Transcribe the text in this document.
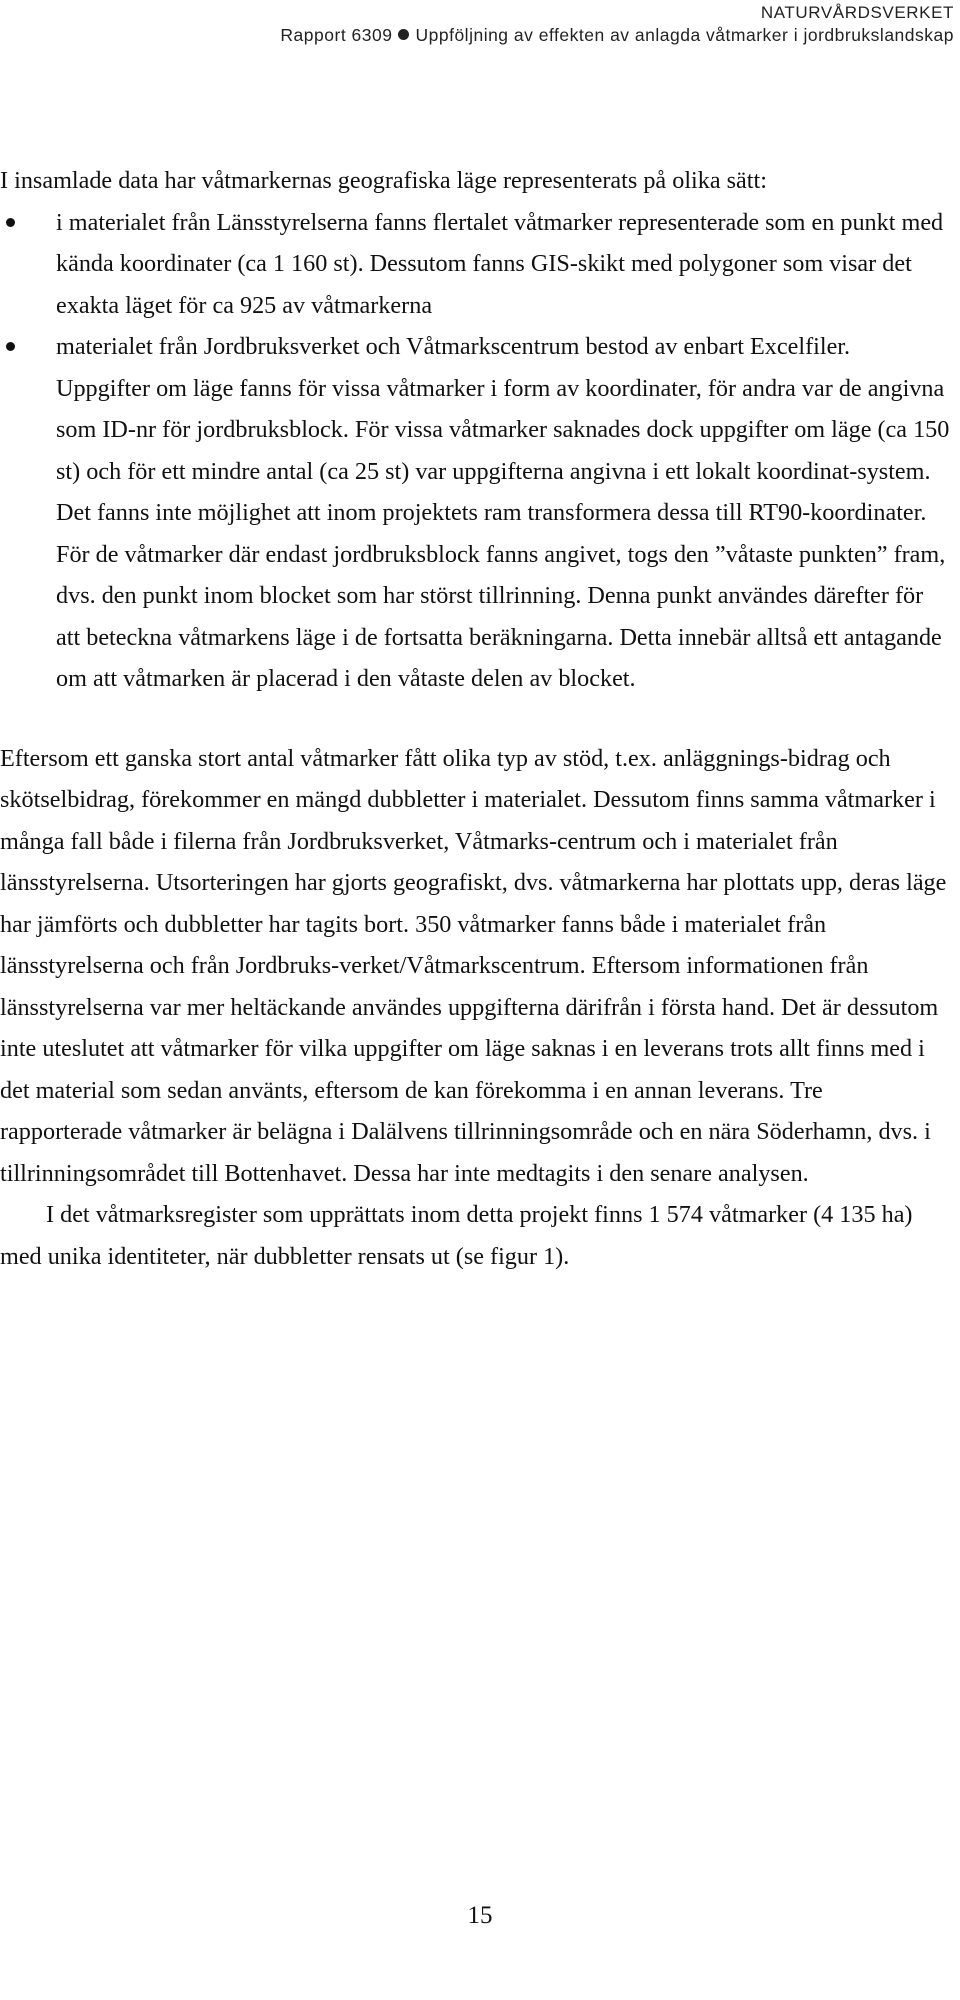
NATURVÅRDSVERKET
Rapport 6309 Uppföljning av effekten av anlagda våtmarker i jordbrukslandskap

I insamlade data har våtmarkernas geografiska läge representerats på olika sätt:

i materialet från Länsstyrelserna fanns flertalet våtmarker representerade som en punkt med kända koordinater (ca 1 160 st). Dessutom fanns GIS-skikt med polygoner som visar det exakta läget för ca 925 av våtmarkerna
materialet från Jordbruksverket och Våtmarkscentrum bestod av enbart Excelfiler. Uppgifter om läge fanns för vissa våtmarker i form av koordinater, för andra var de angivna som ID-nr för jordbruksblock. För vissa våtmarker saknades dock uppgifter om läge (ca 150 st) och för ett mindre antal (ca 25 st) var uppgifterna angivna i ett lokalt koordinat-system. Det fanns inte möjlighet att inom projektets ram transformera dessa till RT90-koordinater. För de våtmarker där endast jordbruksblock fanns angivet, togs den ”våtaste punkten” fram, dvs. den punkt inom blocket som har störst tillrinning. Denna punkt användes därefter för att beteckna våtmarkens läge i de fortsatta beräkningarna. Detta innebär alltså ett antagande om att våtmarken är placerad i den våtaste delen av blocket.

Eftersom ett ganska stort antal våtmarker fått olika typ av stöd, t.ex. anläggnings-bidrag och skötselbidrag, förekommer en mängd dubbletter i materialet. Dessutom finns samma våtmarker i många fall både i filerna från Jordbruksverket, Våtmarks-centrum och i materialet från länsstyrelserna. Utsorteringen har gjorts geografiskt, dvs. våtmarkerna har plottats upp, deras läge har jämförts och dubbletter har tagits bort. 350 våtmarker fanns både i materialet från länsstyrelserna och från Jordbruks-verket/Våtmarkscentrum. Eftersom informationen från länsstyrelserna var mer heltäckande användes uppgifterna därifrån i första hand. Det är dessutom inte uteslutet att våtmarker för vilka uppgifter om läge saknas i en leverans trots allt finns med i det material som sedan använts, eftersom de kan förekomma i en annan leverans. Tre rapporterade våtmarker är belägna i Dalälvens tillrinningsområde och en nära Söderhamn, dvs. i tillrinningsområdet till Bottenhavet. Dessa har inte medtagits i den senare analysen.

I det våtmarksregister som upprättats inom detta projekt finns 1 574 våtmarker (4 135 ha) med unika identiteter, när dubbletter rensats ut (se figur 1).

15
